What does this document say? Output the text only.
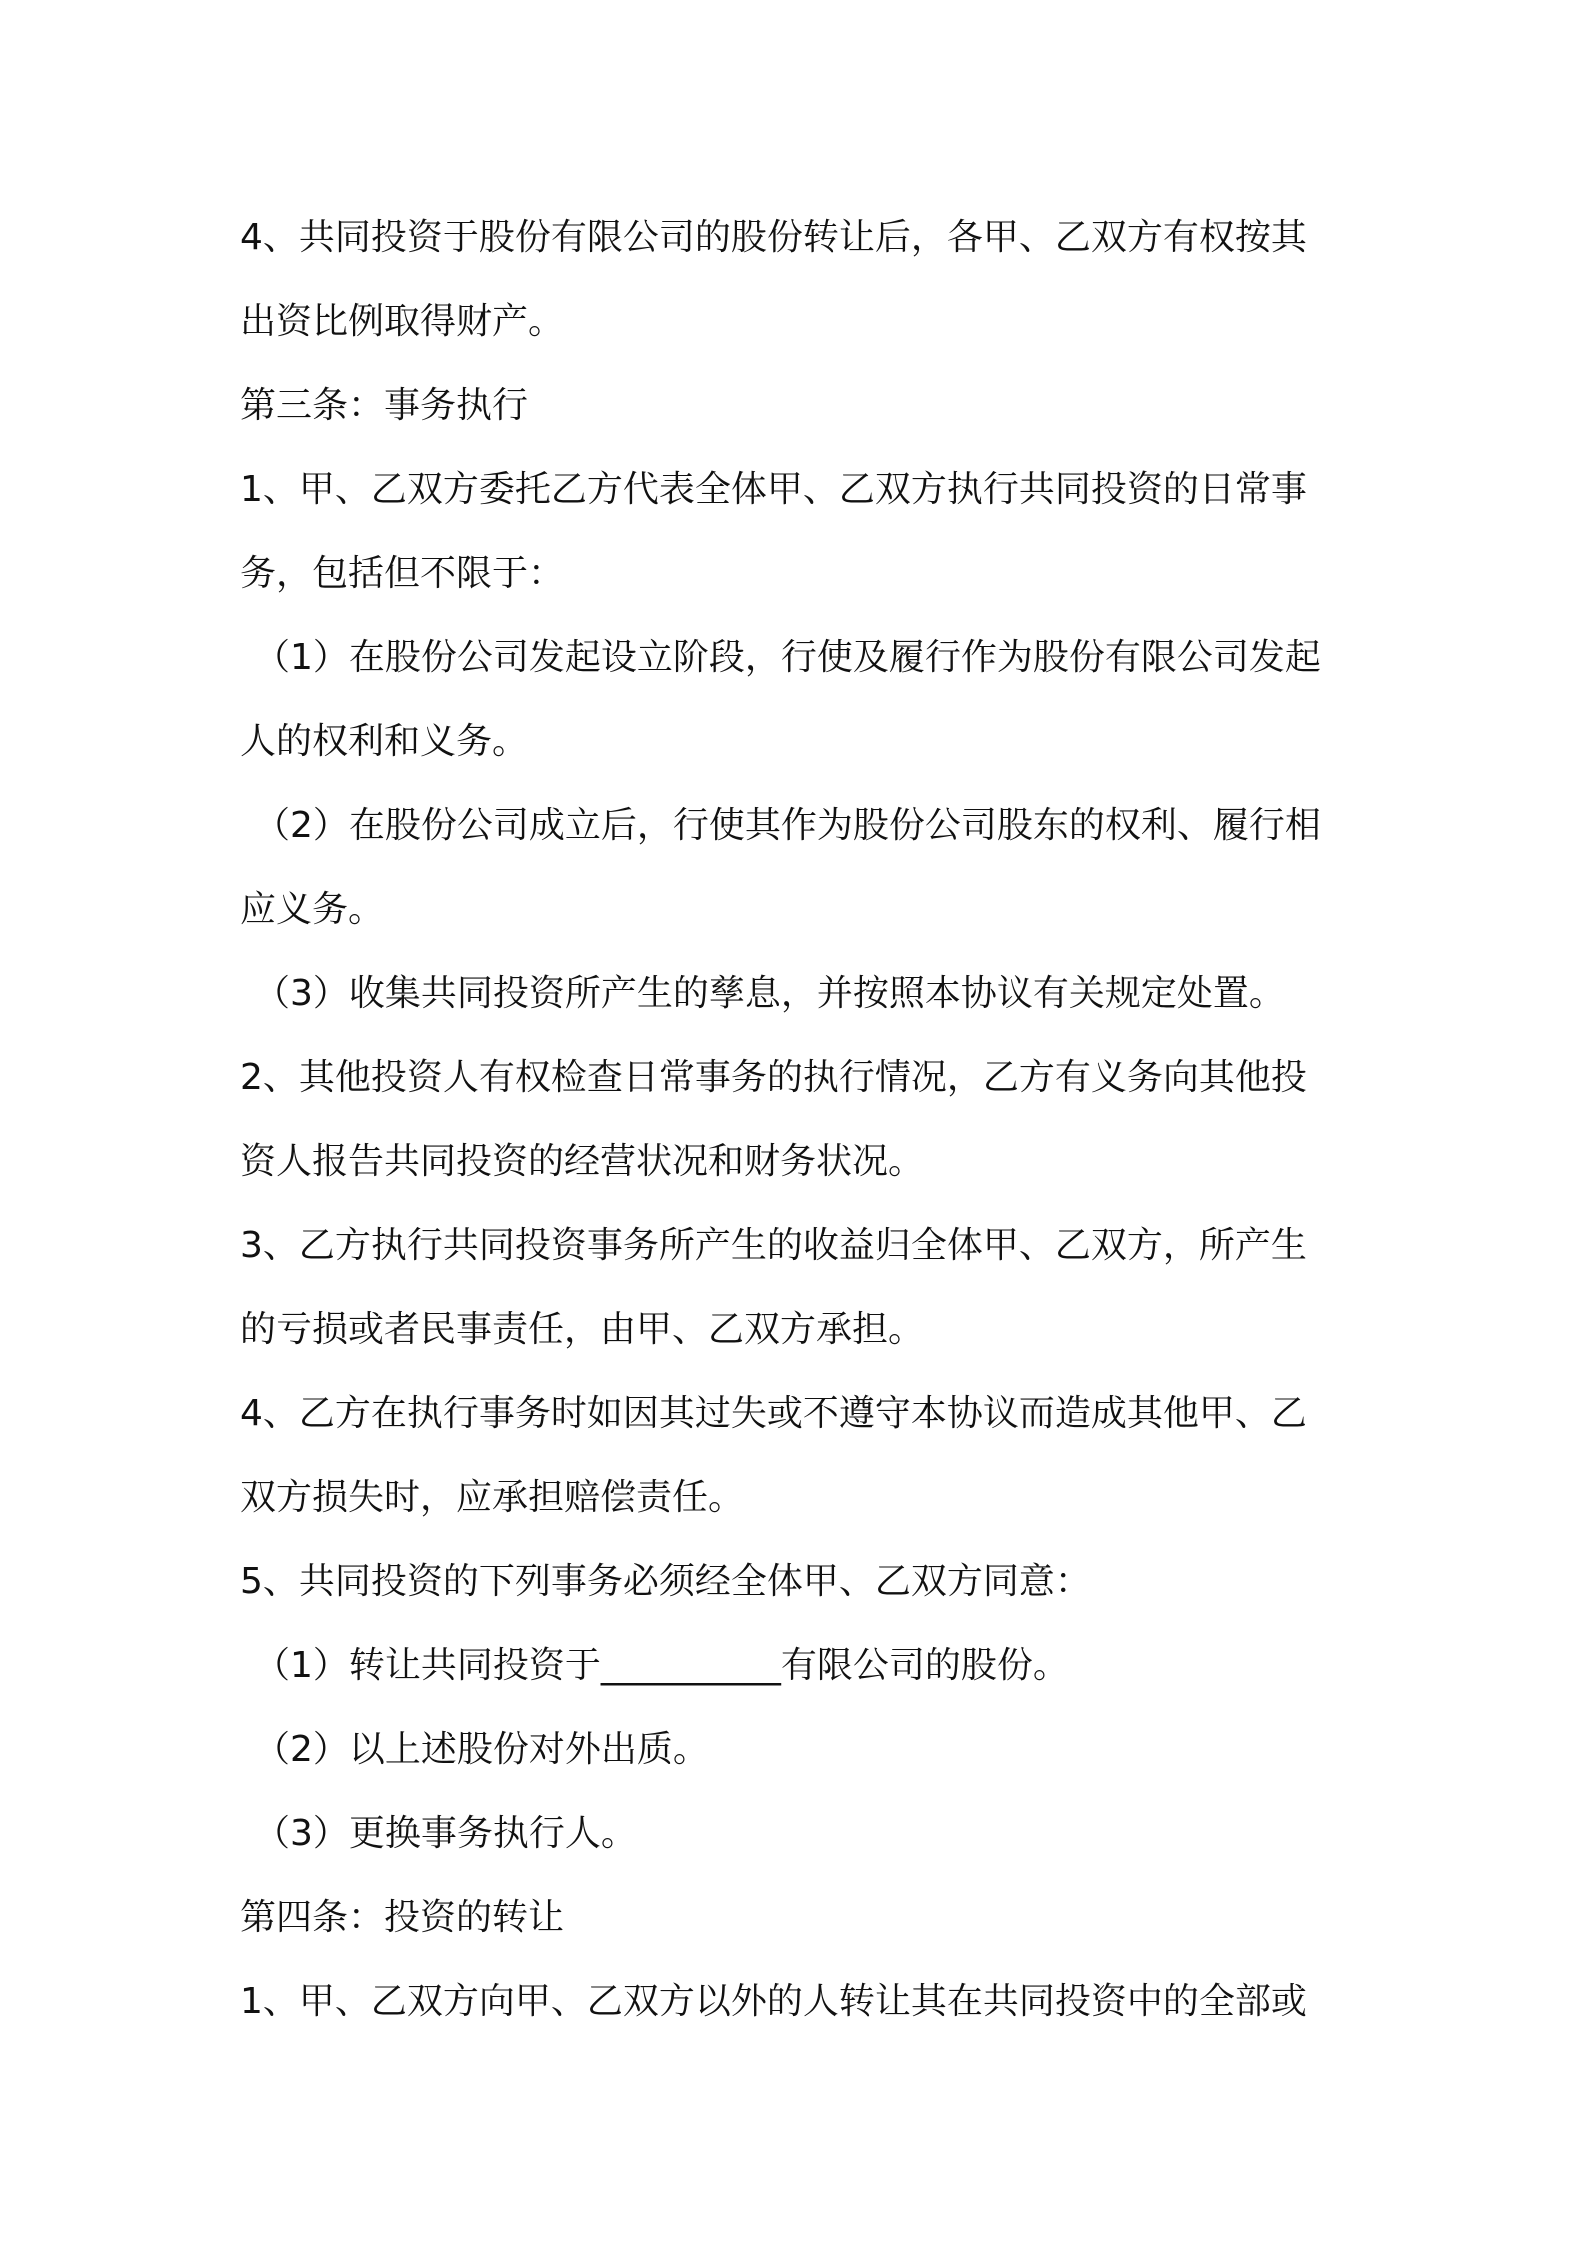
4、共同投资于股份有限公司的股份转让后，各甲、乙双方有权按其
出资比例取得财产。
第三条：事务执行
1、甲、乙双方委托乙方代表全体甲、乙双方执行共同投资的日常事
务，包括但不限于：
（1）在股份公司发起设立阶段，行使及履行作为股份有限公司发起
人的权利和义务。
（2）在股份公司成立后，行使其作为股份公司股东的权利、履行相
应义务。
（3）收集共同投资所产生的孳息，并按照本协议有关规定处置。
2、其他投资人有权检查日常事务的执行情况，乙方有义务向其他投
资人报告共同投资的经营状况和财务状况。
3、乙方执行共同投资事务所产生的收益归全体甲、乙双方，所产生
的亏损或者民事责任，由甲、乙双方承担。
4、乙方在执行事务时如因其过失或不遵守本协议而造成其他甲、乙
双方损失时，应承担赔偿责任。
5、共同投资的下列事务必须经全体甲、乙双方同意：
（1）转让共同投资于__________有限公司的股份。
（2）以上述股份对外出质。
（3）更换事务执行人。
第四条：投资的转让
1、甲、乙双方向甲、乙双方以外的人转让其在共同投资中的全部或
